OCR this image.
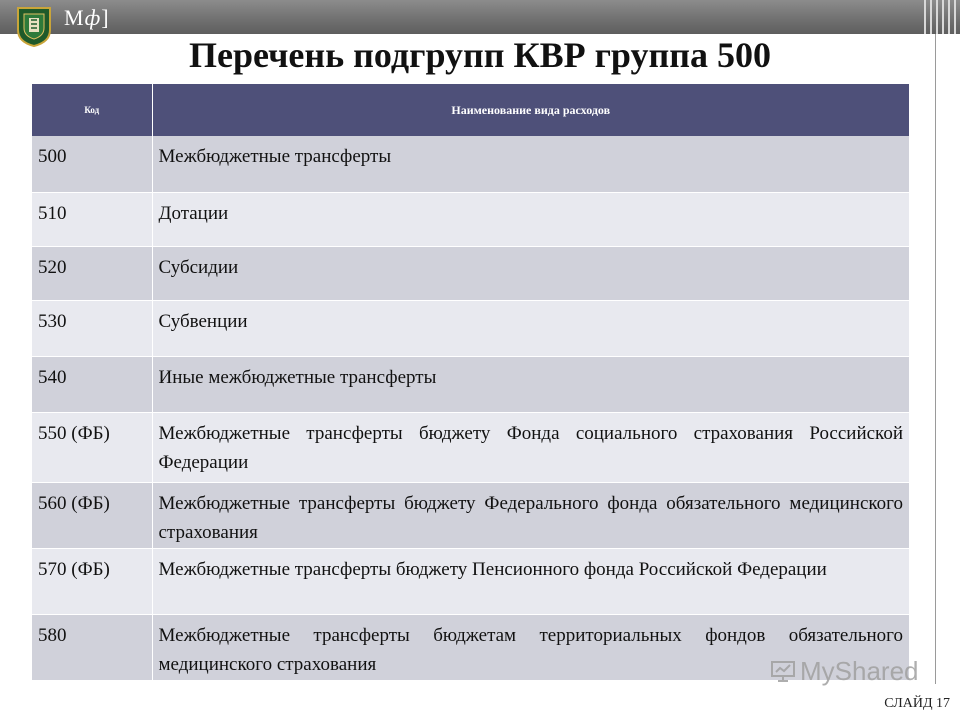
Мф]
Перечень подгрупп КВР группа 500
Код	Наименование вида расходов
500	Межбюджетные трансферты
510	Дотации
520	Субсидии
530	Субвенции
540	Иные межбюджетные трансферты
550 (ФБ)	Межбюджетные трансферты бюджету Фонда социального страхования Российской Федерации
560 (ФБ)	Межбюджетные трансферты бюджету Федерального фонда обязательного медицинского страхования
570 (ФБ)	Межбюджетные трансферты бюджету Пенсионного фонда Российской Федерации
580	Межбюджетные трансферты бюджетам территориальных фондов обязательного медицинского страхования	MyShared
СЛАЙД 17
